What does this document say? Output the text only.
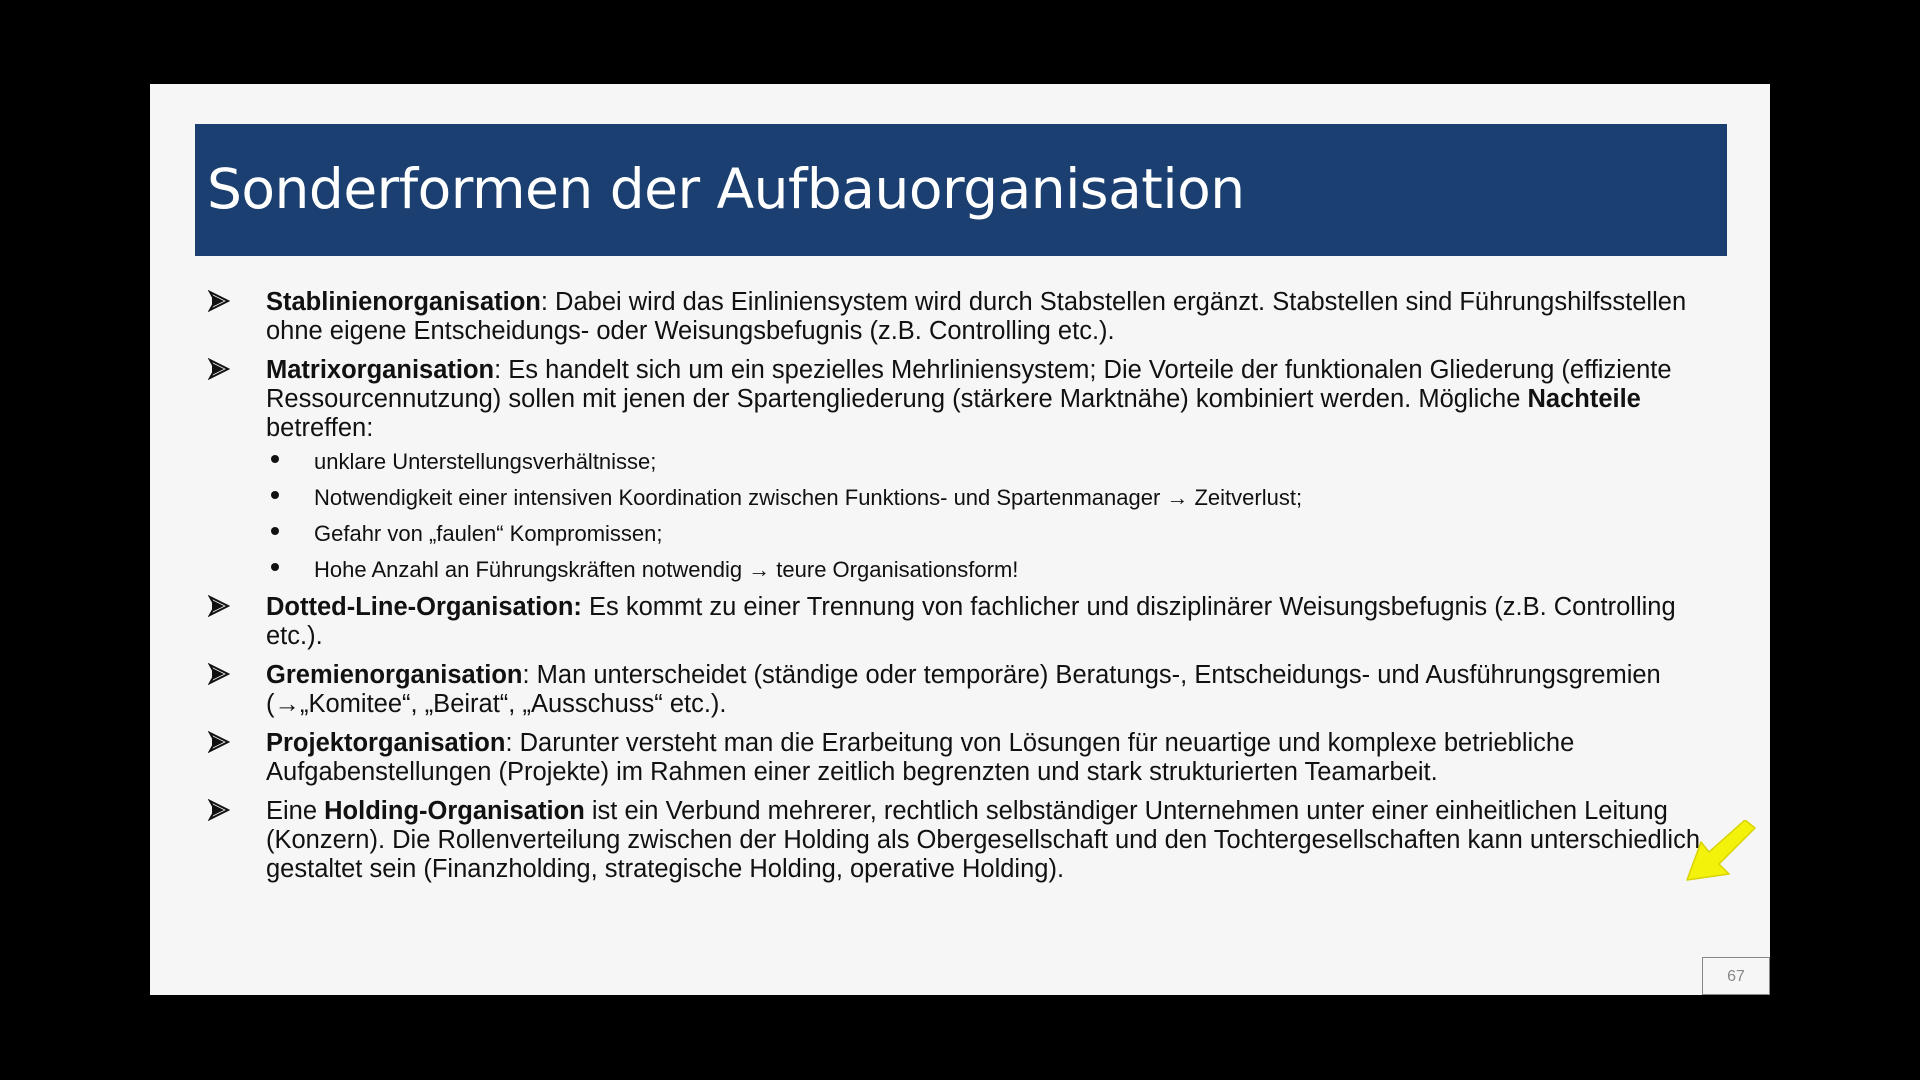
Sonderformen der Aufbauorganisation
Stablinienorganisation: Dabei wird das Einliniensystem wird durch Stabstellen ergänzt. Stabstellen sind Führungshilfsstellen ohne eigene Entscheidungs- oder Weisungsbefugnis (z.B. Controlling etc.).
Matrixorganisation: Es handelt sich um ein spezielles Mehrliniensystem; Die Vorteile der funktionalen Gliederung (effiziente Ressourcennutzung) sollen mit jenen der Spartengliederung (stärkere Marktnähe) kombiniert werden. Mögliche Nachteile betreffen:
unklare Unterstellungsverhältnisse;
Notwendigkeit einer intensiven Koordination zwischen Funktions- und Spartenmanager → Zeitverlust;
Gefahr von „faulen“ Kompromissen;
Hohe Anzahl an Führungskräften notwendig → teure Organisationsform!
Dotted-Line-Organisation: Es kommt zu einer Trennung von fachlicher und disziplinärer Weisungsbefugnis (z.B. Controlling etc.).
Gremienorganisation: Man unterscheidet (ständige oder temporäre) Beratungs-, Entscheidungs- und Ausführungsgremien (→„Komitee“, „Beirat“, „Ausschuss“ etc.).
Projektorganisation: Darunter versteht man die Erarbeitung von Lösungen für neuartige und komplexe betriebliche Aufgabenstellungen (Projekte) im Rahmen einer zeitlich begrenzten und stark strukturierten Teamarbeit.
Eine Holding-Organisation ist ein Verbund mehrerer, rechtlich selbständiger Unternehmen unter einer einheitlichen Leitung (Konzern). Die Rollenverteilung zwischen der Holding als Obergesellschaft und den Tochtergesellschaften kann unterschiedlich gestaltet sein (Finanzholding, strategische Holding, operative Holding).
67
